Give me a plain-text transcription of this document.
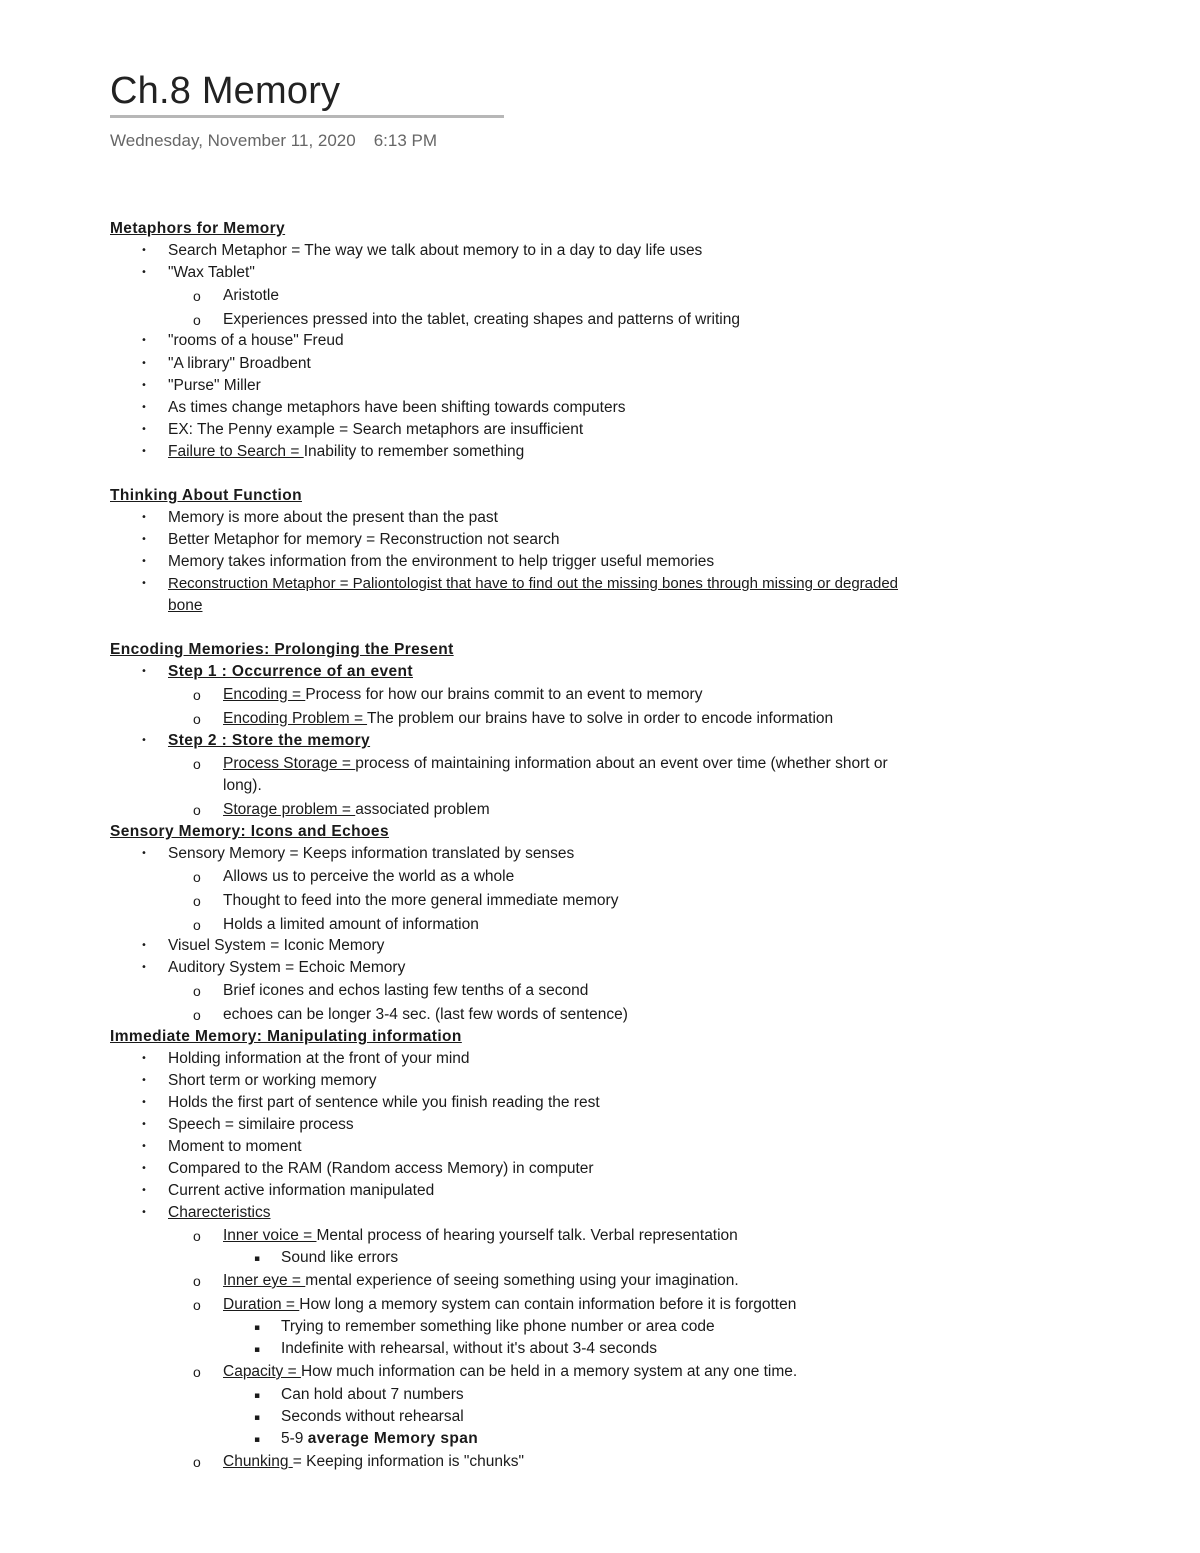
Ch.8 Memory
Wednesday, November 11, 2020 6:13 PM
Metaphors for Memory
• Search Metaphor = The way we talk about memory to in a day to day life uses
• "Wax Tablet"
o Aristotle
o Experiences pressed into the tablet, creating shapes and patterns of writing
• "rooms of a house" Freud
• "A library" Broadbent
• "Purse" Miller
• As times change metaphors have been shifting towards computers
• EX: The Penny example = Search metaphors are insufficient
• Failure to Search = Inability to remember something
Thinking About Function
• Memory is more about the present than the past
• Better Metaphor for memory = Reconstruction not search
• Memory takes information from the environment to help trigger useful memories
• Reconstruction Metaphor = Paliontologist that have to find out the missing bones through missing or degraded
bone
Encoding Memories: Prolonging the Present
• Step 1 : Occurrence of an event
o Encoding = Process for how our brains commit to an event to memory
o Encoding Problem = The problem our brains have to solve in order to encode information
• Step 2 : Store the memory
o Process Storage = process of maintaining information about an event over time (whether short or
long).
o Storage problem = associated problem
Sensory Memory: Icons and Echoes
• Sensory Memory = Keeps information translated by senses
o Allows us to perceive the world as a whole
o Thought to feed into the more general immediate memory
o Holds a limited amount of information
• Visuel System = Iconic Memory
• Auditory System = Echoic Memory
o Brief icones and echos lasting few tenths of a second
o echoes can be longer 3-4 sec. (last few words of sentence)
Immediate Memory: Manipulating information
• Holding information at the front of your mind
• Short term or working memory
• Holds the first part of sentence while you finish reading the rest
• Speech = similaire process
• Moment to moment
• Compared to the RAM (Random access Memory) in computer
• Current active information manipulated
• Charecteristics
o Inner voice = Mental process of hearing yourself talk. Verbal representation
▪ Sound like errors
o Inner eye = mental experience of seeing something using your imagination.
o Duration = How long a memory system can contain information before it is forgotten
▪ Trying to remember something like phone number or area code
▪ Indefinite with rehearsal, without it's about 3-4 seconds
o Capacity = How much information can be held in a memory system at any one time.
▪ Can hold about 7 numbers
▪ Seconds without rehearsal
▪ 5-9 average Memory span
o Chunking = Keeping information is "chunks"
